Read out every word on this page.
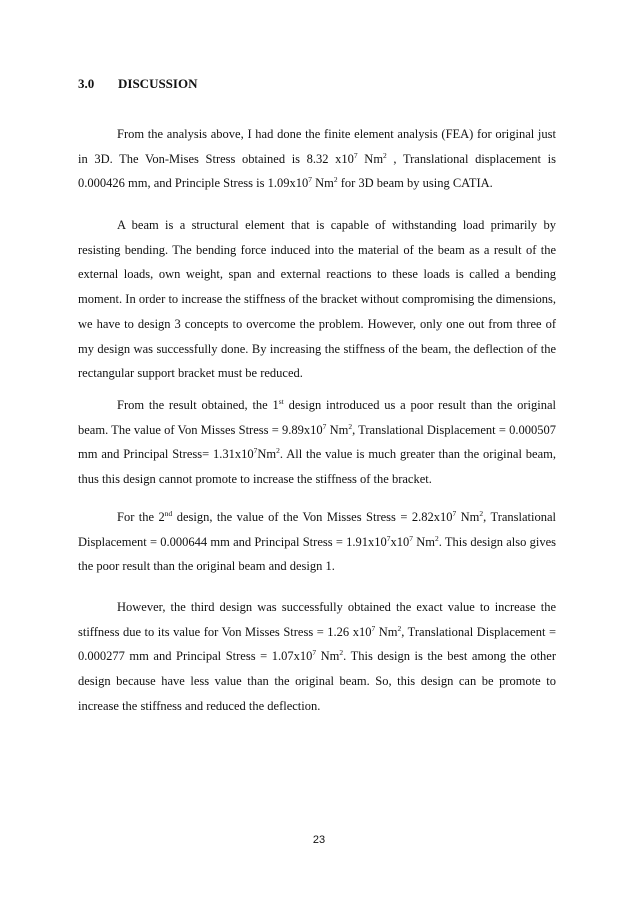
3.0 DISCUSSION

From the analysis above, I had done the finite element analysis (FEA) for original just in 3D. The Von-Mises Stress obtained is 8.32 $x10^7$ Nm$^2$ , Translational displacement is 0.000426 mm, and Principle Stress is $1.09x10^7$ Nm$^2$ for 3D beam by using CATIA.

A beam is a structural element that is capable of withstanding load primarily by resisting bending. The bending force induced into the material of the beam as a result of the external loads, own weight, span and external reactions to these loads is called a bending moment. In order to increase the stiffness of the bracket without compromising the dimensions, we have to design 3 concepts to overcome the problem. However, only one out from three of my design was successfully done. By increasing the stiffness of the beam, the deflection of the rectangular support bracket must be reduced.

From the result obtained, the 1st design introduced us a poor result than the original beam. The value of Von Misses Stress = $9.89x10^7$ Nm$^2$, Translational Displacement = 0.000507 mm and Principal Stress= $1.31x10^7Nm^2$. All the value is much greater than the original beam, thus this design cannot promote to increase the stiffness of the bracket.

For the 2nd design, the value of the Von Misses Stress = $2.82x10^7$ Nm$^2$, Translational Displacement = 0.000644 mm and Principal Stress = $1.91x10^7x10^7$ Nm$^2$. This design also gives the poor result than the original beam and design 1.

However, the third design was successfully obtained the exact value to increase the stiffness due to its value for Von Misses Stress = 1.26 $x10^7$ Nm$^2$, Translational Displacement = 0.000277 mm and Principal Stress = $1.07x10^7$ Nm$^2$. This design is the best among the other design because have less value than the original beam. So, this design can be promote to increase the stiffness and reduced the deflection.

23
